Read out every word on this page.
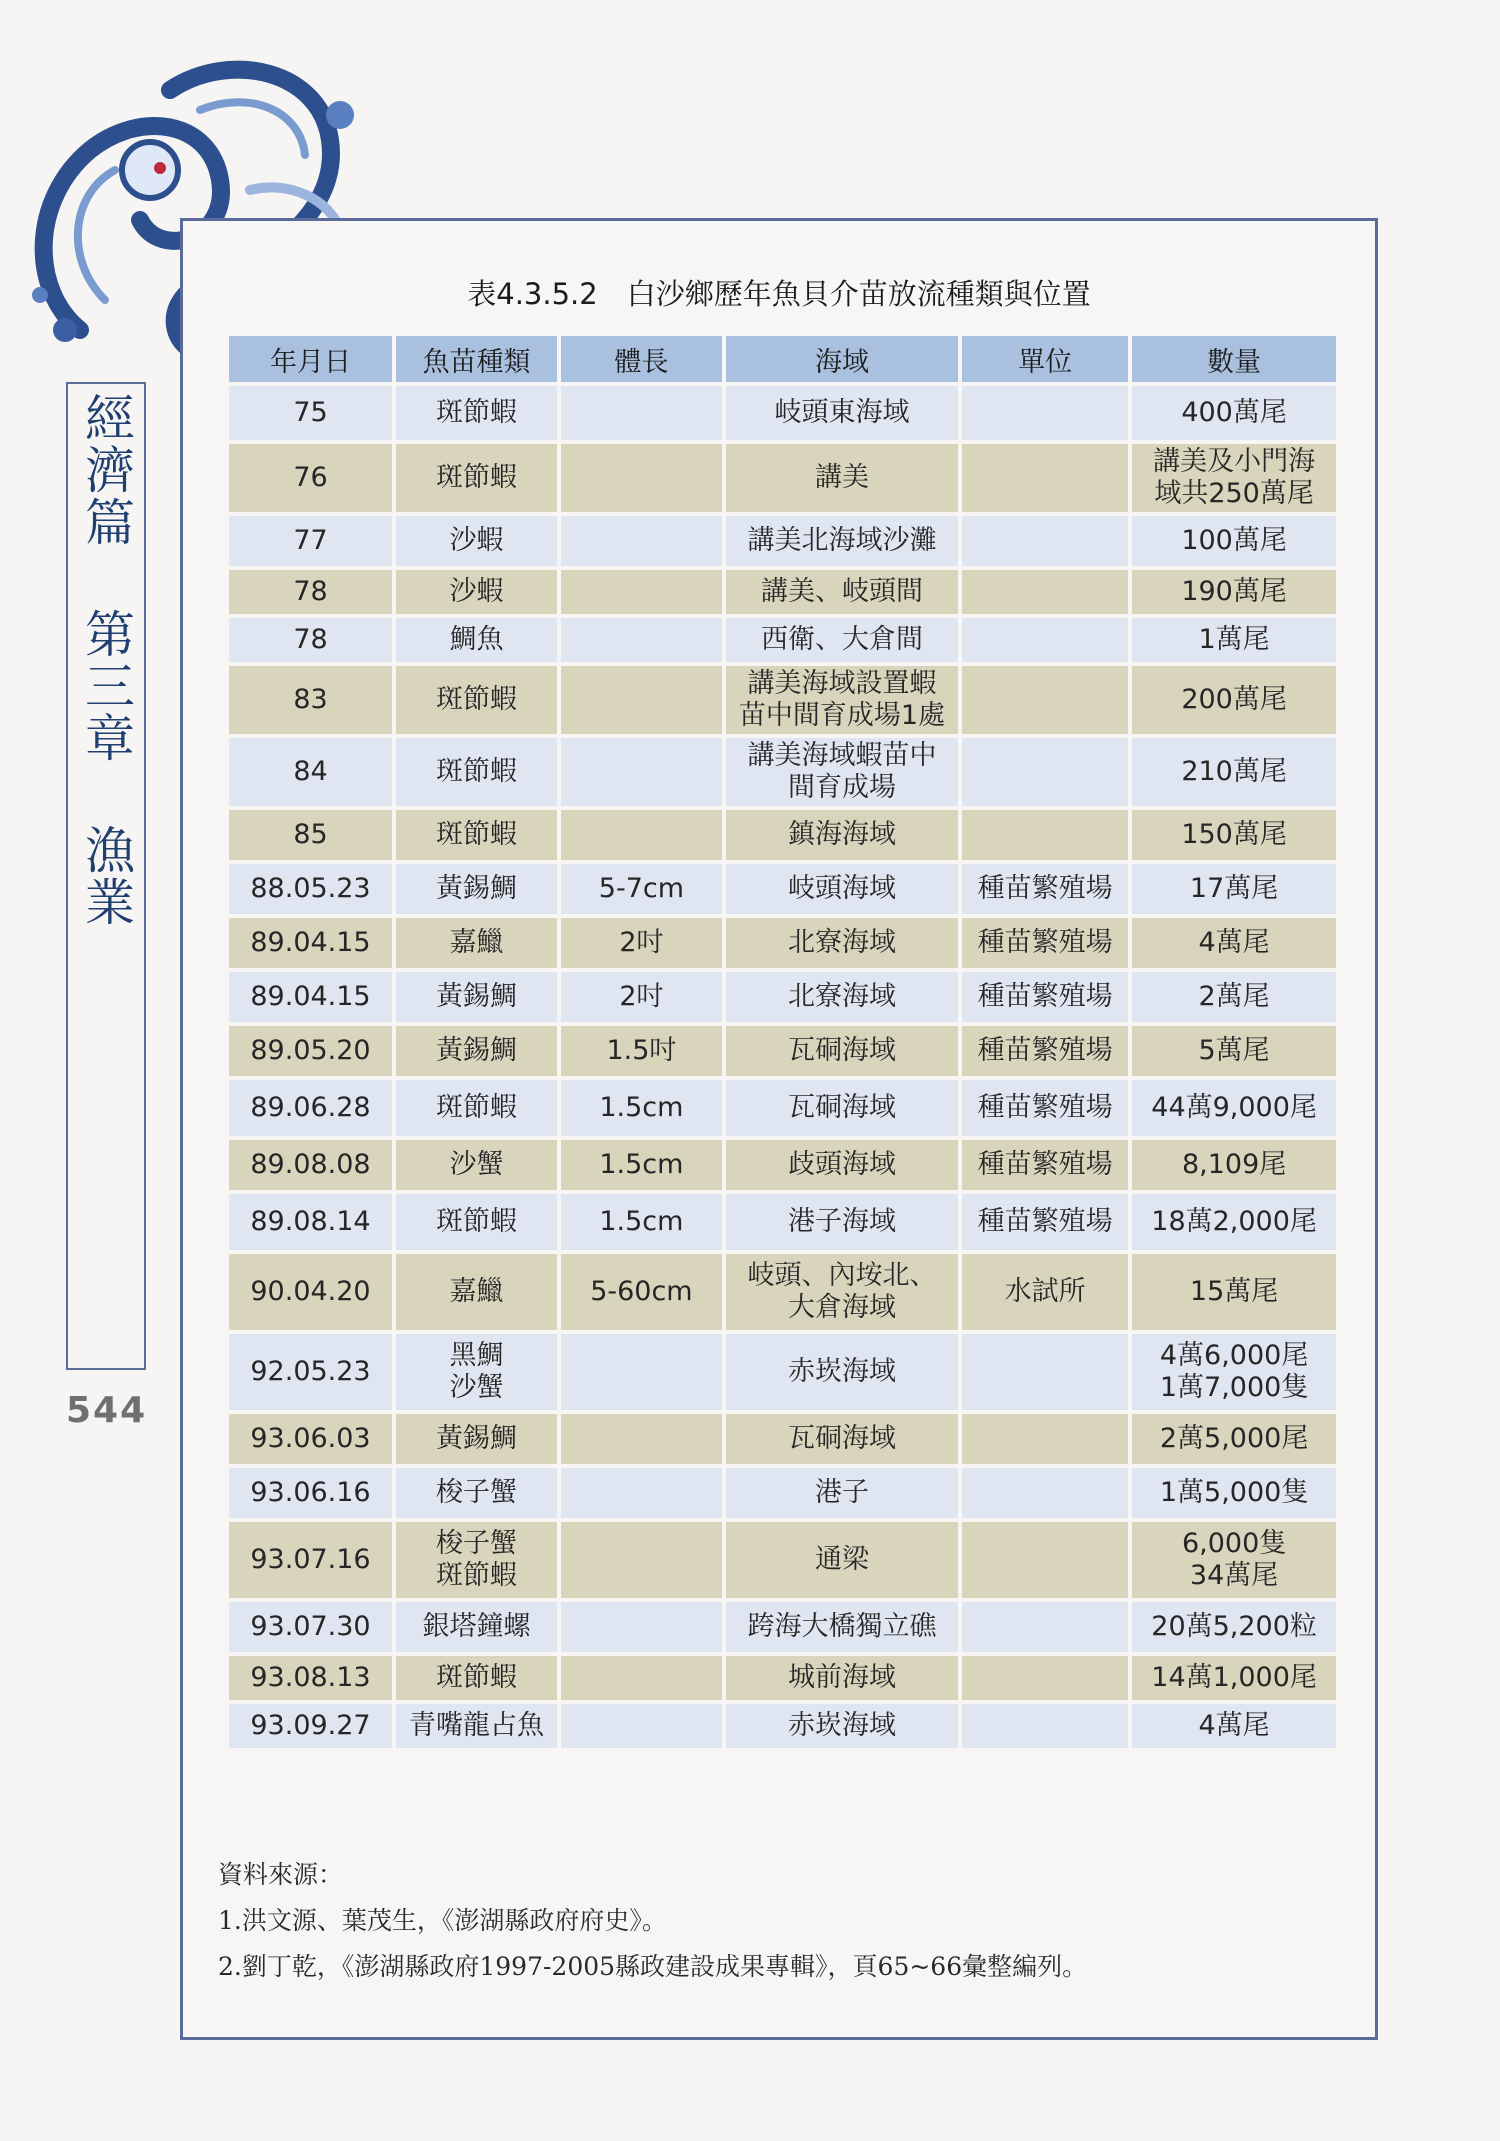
經濟篇 第三章 漁業
544
表4.3.5.2　白沙鄉歷年魚貝介苗放流種類與位置
年月日	魚苗種類	體長	海域	單位	數量
75	斑節蝦		岐頭東海域		400萬尾
76	斑節蝦		講美		講美及小門海
域共250萬尾

77	沙蝦		講美北海域沙灘		100萬尾
78	沙蝦		講美、岐頭間		190萬尾
78	鯛魚		西衛、大倉間		1萬尾
83	斑節蝦		講美海域設置蝦
苗中間育成場1處		200萬尾
84	斑節蝦		講美海域蝦苗中
間育成場		210萬尾
85	斑節蝦		鎮海海域		150萬尾
88.05.23	黃錫鯛	5-7cm	岐頭海域	種苗繁殖場	17萬尾
89.04.15	嘉鱲	2吋	北寮海域	種苗繁殖場	4萬尾
89.04.15	黃錫鯛	2吋	北寮海域	種苗繁殖場	2萬尾
89.05.20	黃錫鯛	1.5吋	瓦硐海域	種苗繁殖場	5萬尾
89.06.28	斑節蝦	1.5cm	瓦硐海域	種苗繁殖場	44萬9,000尾
89.08.08	沙蟹	1.5cm	歧頭海域	種苗繁殖場	8,109尾
89.08.14	斑節蝦	1.5cm	港子海域	種苗繁殖場	18萬2,000尾
90.04.20	嘉鱲	5-60cm	岐頭、內垵北、
大倉海域	水試所	15萬尾
92.05.23	黑鯛
沙蟹		赤崁海域		4萬6,000尾
1萬7,000隻

93.06.03	黃錫鯛		瓦硐海域		2萬5,000尾
93.06.16	梭子蟹		港子		1萬5,000隻
93.07.16	梭子蟹
斑節蝦		通梁		6,000隻
34萬尾

93.07.30	銀塔鐘螺		跨海大橋獨立礁		20萬5,200粒
93.08.13	斑節蝦		城前海域		14萬1,000尾
93.09.27	青嘴龍占魚		赤崁海域		4萬尾
資料來源：
1.洪文源、葉茂生，《澎湖縣政府府史》。
2.劉丁乾，《澎湖縣政府1997-2005縣政建設成果專輯》，頁65~66彙整編列。
